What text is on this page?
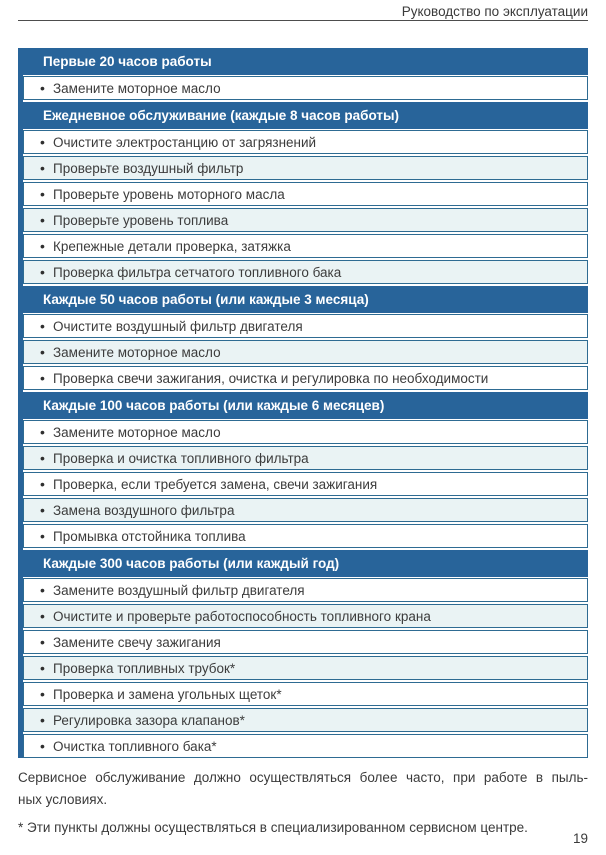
Руководство по эксплуатации
Первые 20 часов работы
• Замените моторное масло
Ежедневное обслуживание (каждые 8 часов работы)
• Очистите электростанцию от загрязнений
• Проверьте воздушный фильтр
• Проверьте уровень моторного масла
• Проверьте уровень топлива
• Крепежные детали проверка, затяжка
• Проверка фильтра сетчатого топливного бака
Каждые 50 часов работы (или каждые 3 месяца)
• Очистите воздушный фильтр двигателя
• Замените моторное масло
• Проверка свечи зажигания, очистка и регулировка по необходимости
Каждые 100 часов работы (или каждые 6 месяцев)
• Замените моторное масло
• Проверка и очистка топливного фильтра
• Проверка, если требуется замена, свечи зажигания
• Замена воздушного фильтра
• Промывка отстойника топлива
Каждые 300 часов работы (или каждый год)
• Замените воздушный фильтр двигателя
• Очистите и проверьте работоспособность топливного крана
• Замените свечу зажигания
• Проверка топливных трубок*
• Проверка и замена угольных щеток*
• Регулировка зазора клапанов*
• Очистка топливного бака*
Сервисное обслуживание должно осуществляться более часто, при работе в пыль-
ных условиях.
* Эти пункты должны осуществляться в специализированном сервисном центре.
19
